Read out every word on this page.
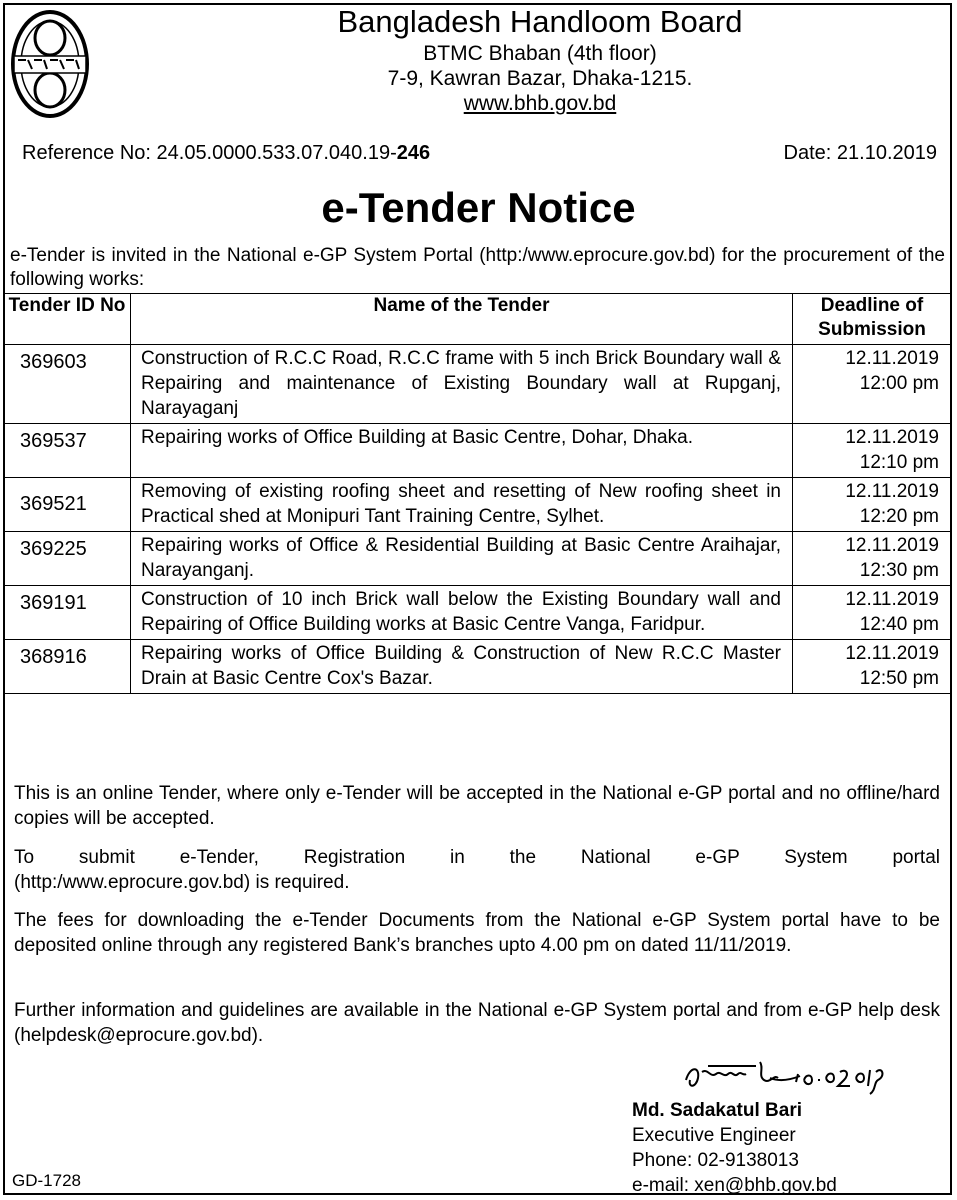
Bangladesh Handloom Board
BTMC Bhaban (4th floor)
7-9, Kawran Bazar, Dhaka-1215.
www.bhb.gov.bd
Reference No: 24.05.0000.533.07.040.19-246	Date: 21.10.2019
e-Tender Notice
e-Tender is invited in the National e-GP System Portal (http:/www.eprocure.gov.bd) for the procurement of the following works:
Tender ID No	Name of the Tender	Deadline of Submission
369603	Construction of R.C.C Road, R.C.C frame with 5 inch Brick Boundary wall & Repairing and maintenance of Existing Boundary wall at Rupganj, Narayaganj	12.11.2019
12:00 pm

369537	Repairing works of Office Building at Basic Centre, Dohar, Dhaka.	12.11.2019
12:10 pm

369521	Removing of existing roofing sheet and resetting of New roofing sheet in Practical shed at Monipuri Tant Training Centre, Sylhet.	12.11.2019
12:20 pm

369225	Repairing works of Office & Residential Building at Basic Centre Araihajar, Narayanganj.	12.11.2019
12:30 pm

369191	Construction of 10 inch Brick wall below the Existing Boundary wall and Repairing of Office Building works at Basic Centre Vanga, Faridpur.	12.11.2019
12:40 pm

368916	Repairing works of Office Building & Construction of New R.C.C Master Drain at Basic Centre Cox's Bazar.	12.11.2019
12:50 pm
This is an online Tender, where only e-Tender will be accepted in the National e-GP portal and no offline/hard copies will be accepted.
To submit e-Tender, Registration in the National e-GP System portal
(http:/www.eprocure.gov.bd) is required.
The fees for downloading the e-Tender Documents from the National e-GP System portal have to be deposited online through any registered Bank’s branches upto 4.00 pm on dated 11/11/2019.
Further information and guidelines are available in the National e-GP System portal and from e-GP help desk (helpdesk@eprocure.gov.bd).
Md. Sadakatul Bari
Executive Engineer
Phone: 02-9138013
e-mail: xen@bhb.gov.bd
GD-1728
